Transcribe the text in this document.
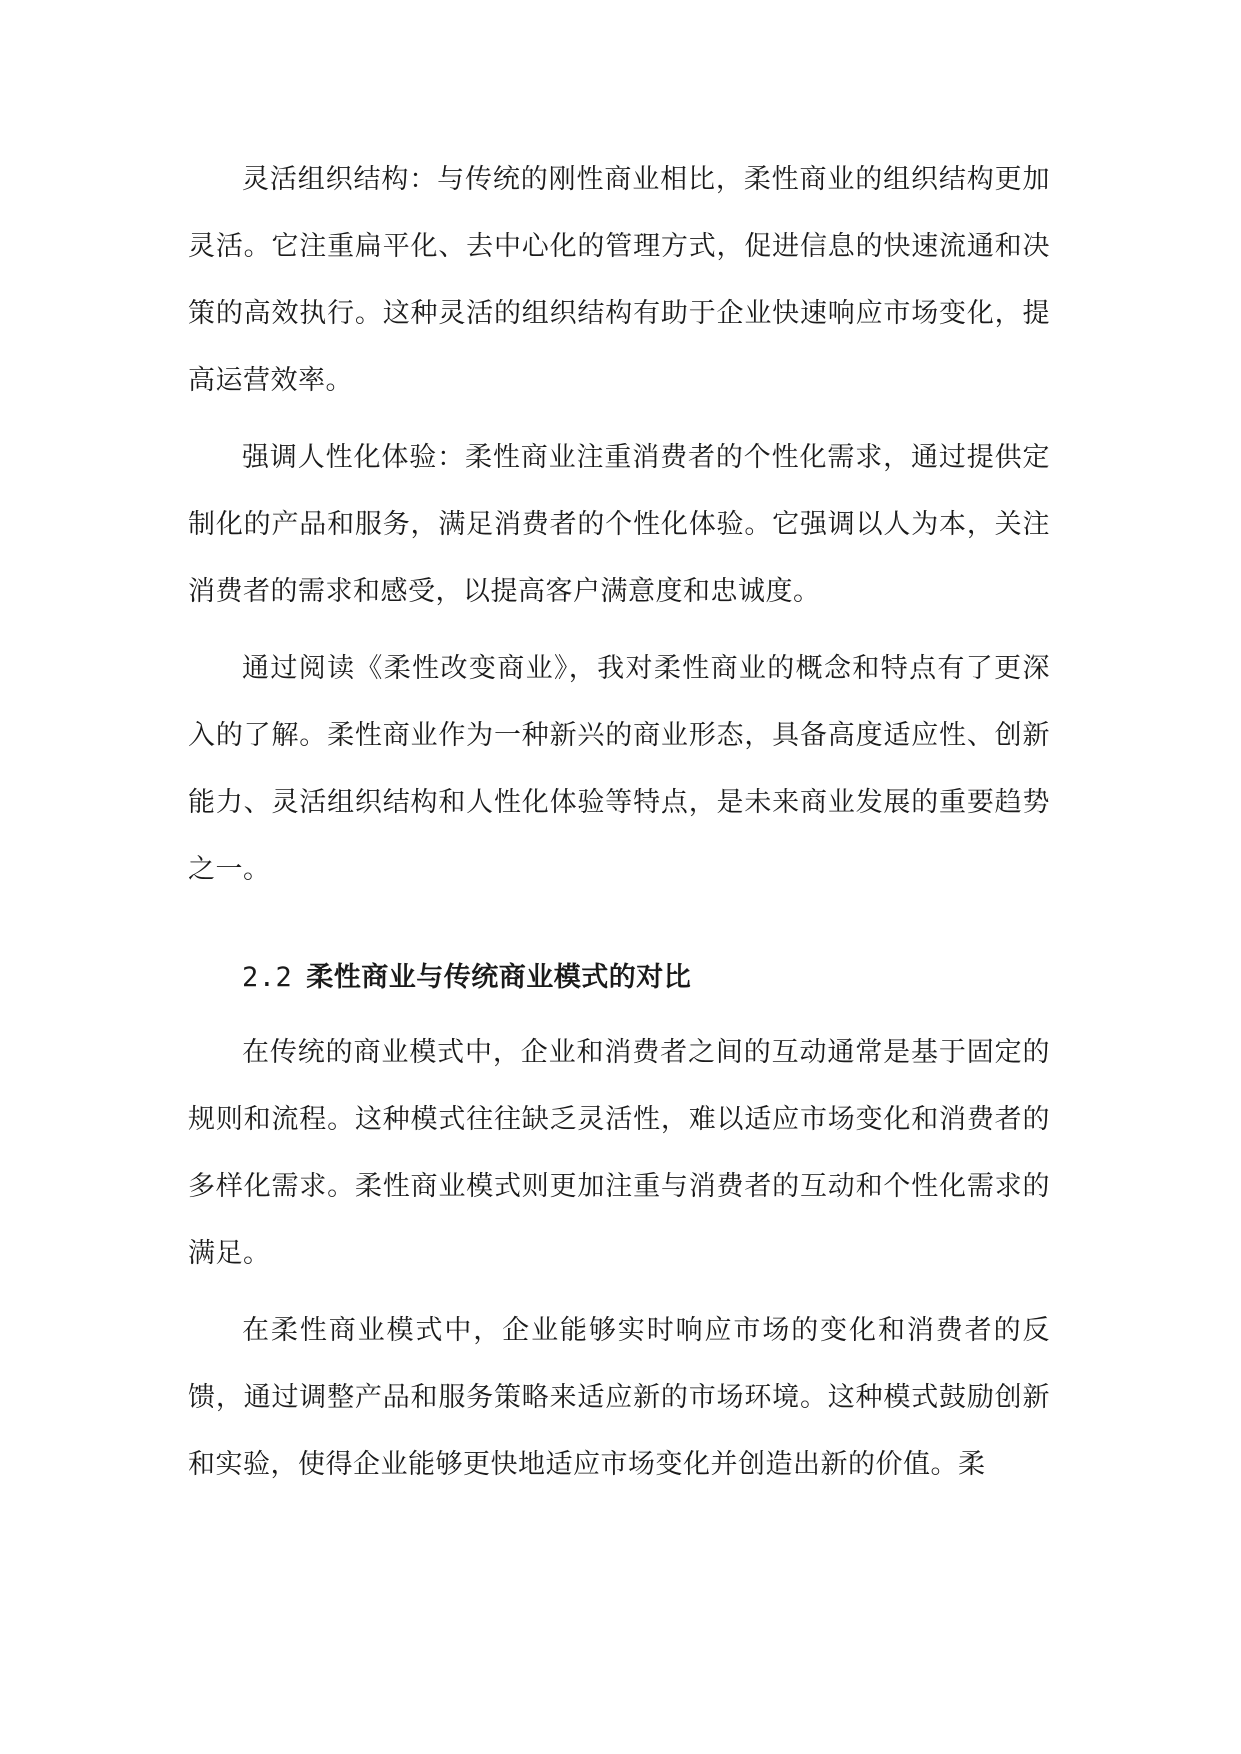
灵活组织结构：与传统的刚性商业相比，柔性商业的组织结构更加灵活。它注重扁平化、去中心化的管理方式，促进信息的快速流通和决策的高效执行。这种灵活的组织结构有助于企业快速响应市场变化，提高运营效率。

强调人性化体验：柔性商业注重消费者的个性化需求，通过提供定制化的产品和服务，满足消费者的个性化体验。它强调以人为本，关注消费者的需求和感受，以提高客户满意度和忠诚度。

通过阅读《柔性改变商业》，我对柔性商业的概念和特点有了更深入的了解。柔性商业作为一种新兴的商业形态，具备高度适应性、创新能力、灵活组织结构和人性化体验等特点，是未来商业发展的重要趋势之一。

2.2 柔性商业与传统商业模式的对比

在传统的商业模式中，企业和消费者之间的互动通常是基于固定的规则和流程。这种模式往往缺乏灵活性，难以适应市场变化和消费者的多样化需求。柔性商业模式则更加注重与消费者的互动和个性化需求的满足。

在柔性商业模式中，企业能够实时响应市场的变化和消费者的反馈，通过调整产品和服务策略来适应新的市场环境。这种模式鼓励创新和实验，使得企业能够更快地适应市场变化并创造出新的价值。柔
